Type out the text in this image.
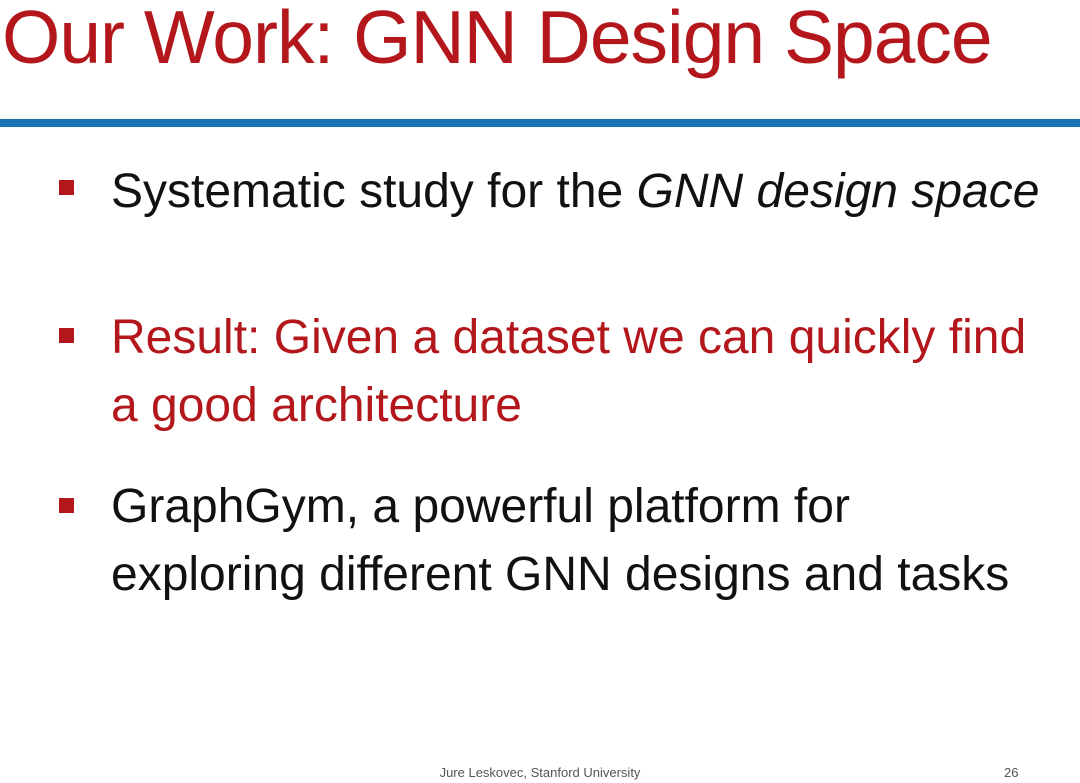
Our Work: GNN Design Space
Systematic study for the GNN design space
Result: Given a dataset we can quickly find a good architecture
GraphGym, a powerful platform for exploring different GNN designs and tasks
Jure Leskovec, Stanford University	26
